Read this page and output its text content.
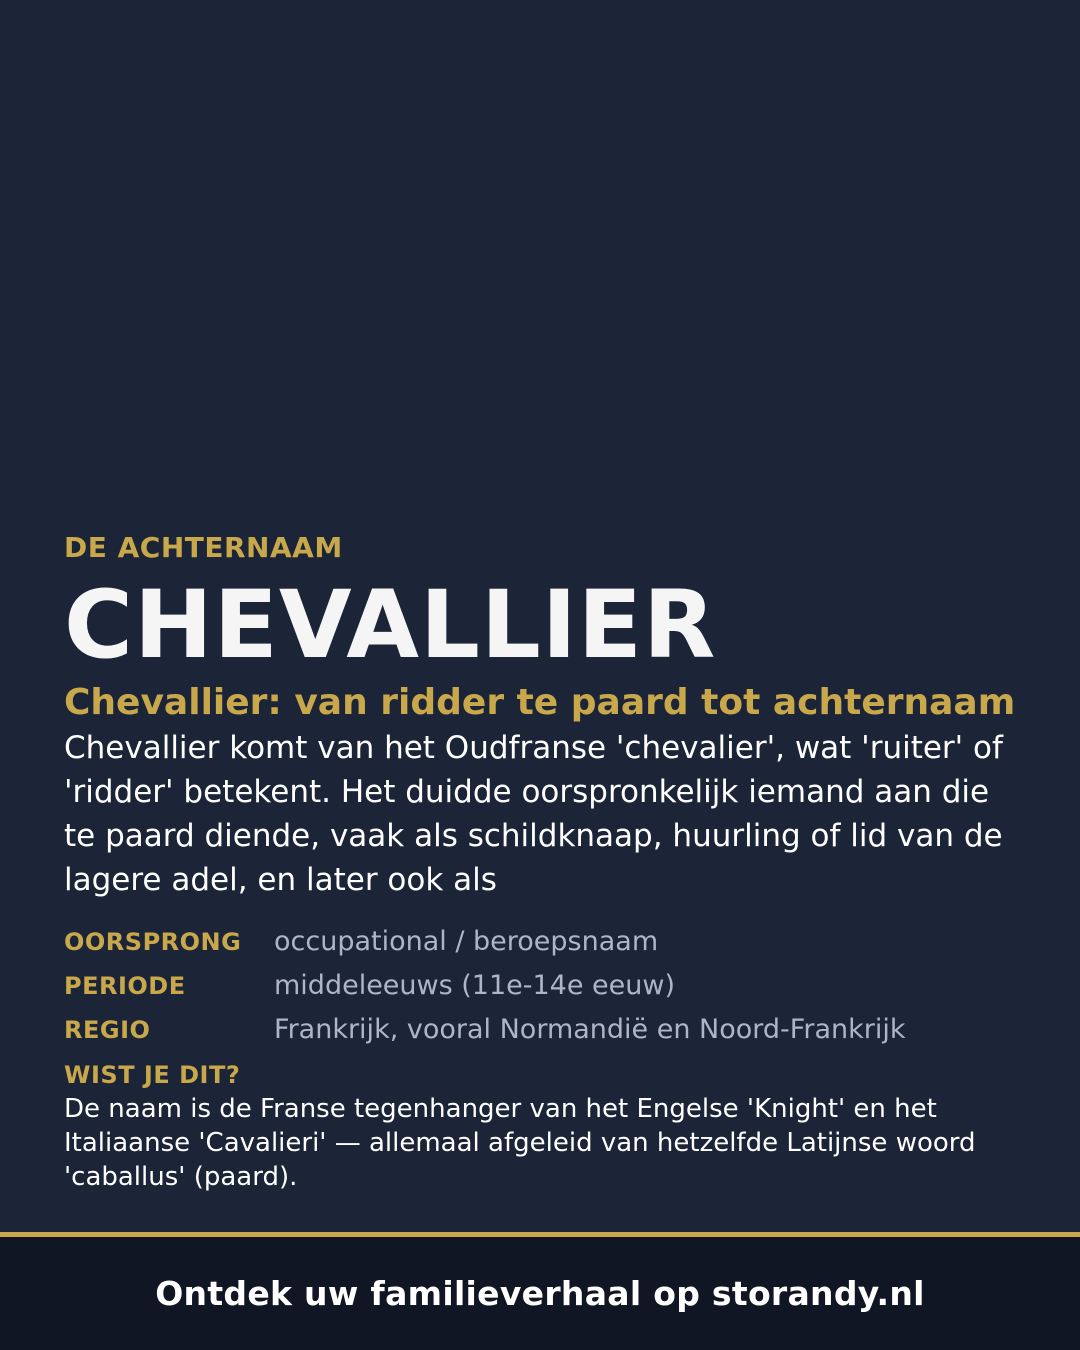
DE ACHTERNAAM
CHEVALLIER
Chevallier: van ridder te paard tot achternaam
Chevallier komt van het Oudfranse 'chevalier', wat 'ruiter' of 'ridder' betekent. Het duidde oorspronkelijk iemand aan die te paard diende, vaak als schildknaap, huurling of lid van de lagere adel, en later ook als
OORSPRONG	occupational / beroepsnaam
PERIODE	middeleeuws (11e-14e eeuw)
REGIO	Frankrijk, vooral Normandië en Noord-Frankrijk
WIST JE DIT?
De naam is de Franse tegenhanger van het Engelse 'Knight' en het Italiaanse 'Cavalieri' — allemaal afgeleid van hetzelfde Latijnse woord 'caballus' (paard).
Ontdek uw familieverhaal op storandy.nl
